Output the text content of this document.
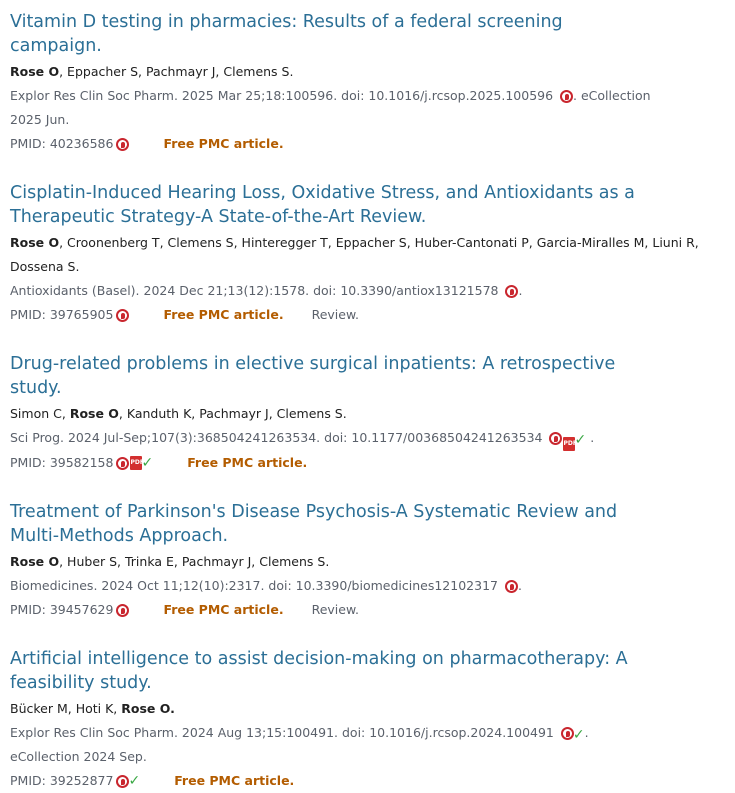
Vitamin D testing in pharmacies: Results of a federal screening campaign.
Rose O, Eppacher S, Pachmayr J, Clemens S.
Explor Res Clin Soc Pharm. 2025 Mar 25;18:100596. doi: 10.1016/j.rcsop.2025.100596 . eCollection 2025 Jun.
PMID: 40236586	Free PMC article.
Cisplatin-Induced Hearing Loss, Oxidative Stress, and Antioxidants as a Therapeutic Strategy-A State-of-the-Art Review.
Rose O, Croonenberg T, Clemens S, Hinteregger T, Eppacher S, Huber-Cantonati P, Garcia-Miralles M, Liuni R, Dossena S.
Antioxidants (Basel). 2024 Dec 21;13(12):1578. doi: 10.3390/antiox13121578 .
PMID: 39765905	Free PMC article. Review.
Drug-related problems in elective surgical inpatients: A retrospective study.
Simon C, Rose O, Kanduth K, Pachmayr J, Clemens S.
Sci Prog. 2024 Jul-Sep;107(3):368504241263534. doi: 10.1177/00368504241263534	PDF✓ .
PMID: 39582158	PDF
✓	Free PMC article.
Treatment of Parkinson's Disease Psychosis-A Systematic Review and Multi-Methods Approach.
Rose O, Huber S, Trinka E, Pachmayr J, Clemens S.
Biomedicines. 2024 Oct 11;12(10):2317. doi: 10.3390/biomedicines12102317 .
PMID: 39457629	Free PMC article. Review.
Artificial intelligence to assist decision-making on pharmacotherapy: A feasibility study.
Bücker M, Hoti K, Rose O.
Explor Res Clin Soc Pharm. 2024 Aug 13;15:100491. doi: 10.1016/j.rcsop.2024.100491 ✓. eCollection 2024 Sep.
PMID: 39252877 ✓	Free PMC article.
